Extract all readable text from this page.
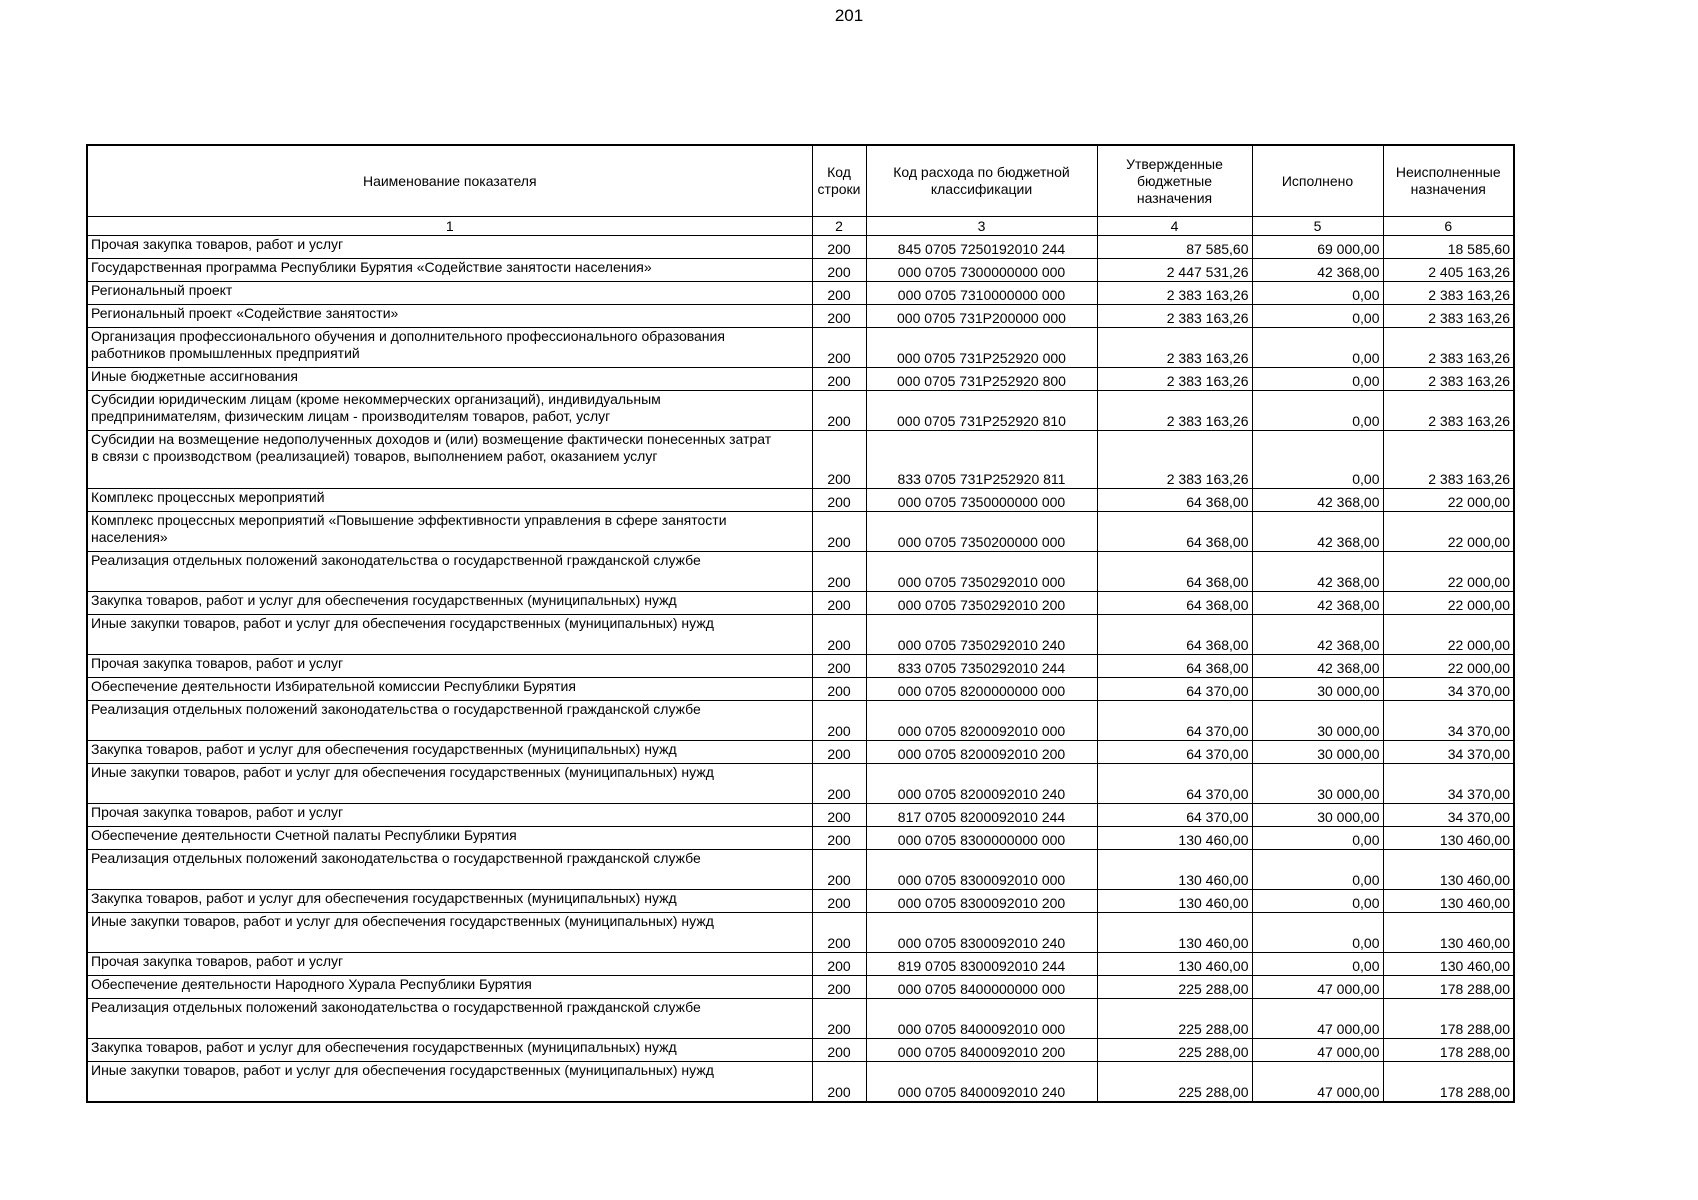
201
Наименование показателя	Код строки	Код расхода по бюджетной классификации	Утвержденные бюджетные назначения	Исполнено	Неисполненные назначения
1	2	3	4	5	6
Прочая закупка товаров, работ и услуг	200	845 0705 7250192010 244	87 585,60	69 000,00	18 585,60
Государственная программа Республики Бурятия «Содействие занятости населения»	200	000 0705 7300000000 000	2 447 531,26	42 368,00	2 405 163,26
Региональный проект	200	000 0705 7310000000 000	2 383 163,26	0,00	2 383 163,26
Региональный проект «Содействие занятости»	200	000 0705 731P200000 000	2 383 163,26	0,00	2 383 163,26
Организация профессионального обучения и дополнительного профессионального образования
работников промышленных предприятий	200	000 0705 731P252920 000	2 383 163,26	0,00	2 383 163,26
Иные бюджетные ассигнования	200	000 0705 731P252920 800	2 383 163,26	0,00	2 383 163,26
Субсидии юридическим лицам (кроме некоммерческих организаций), индивидуальным
предпринимателям, физическим лицам - производителям товаров, работ, услуг	200	000 0705 731P252920 810	2 383 163,26	0,00	2 383 163,26
Субсидии на возмещение недополученных доходов и (или) возмещение фактически понесенных затрат
в связи с производством (реализацией) товаров, выполнением работ, оказанием услуг	200	833 0705 731P252920 811	2 383 163,26	0,00	2 383 163,26
Комплекс процессных мероприятий	200	000 0705 7350000000 000	64 368,00	42 368,00	22 000,00
Комплекс процессных мероприятий «Повышение эффективности управления в сфере занятости
населения»	200	000 0705 7350200000 000	64 368,00	42 368,00	22 000,00
Реализация отдельных положений законодательства о государственной гражданской службе	200	000 0705 7350292010 000	64 368,00	42 368,00	22 000,00
Закупка товаров, работ и услуг для обеспечения государственных (муниципальных) нужд	200	000 0705 7350292010 200	64 368,00	42 368,00	22 000,00
Иные закупки товаров, работ и услуг для обеспечения государственных (муниципальных) нужд	200	000 0705 7350292010 240	64 368,00	42 368,00	22 000,00
Прочая закупка товаров, работ и услуг	200	833 0705 7350292010 244	64 368,00	42 368,00	22 000,00
Обеспечение деятельности Избирательной комиссии Республики Бурятия	200	000 0705 8200000000 000	64 370,00	30 000,00	34 370,00
Реализация отдельных положений законодательства о государственной гражданской службе	200	000 0705 8200092010 000	64 370,00	30 000,00	34 370,00
Закупка товаров, работ и услуг для обеспечения государственных (муниципальных) нужд	200	000 0705 8200092010 200	64 370,00	30 000,00	34 370,00
Иные закупки товаров, работ и услуг для обеспечения государственных (муниципальных) нужд	200	000 0705 8200092010 240	64 370,00	30 000,00	34 370,00
Прочая закупка товаров, работ и услуг	200	817 0705 8200092010 244	64 370,00	30 000,00	34 370,00
Обеспечение деятельности Счетной палаты Республики Бурятия	200	000 0705 8300000000 000	130 460,00	0,00	130 460,00
Реализация отдельных положений законодательства о государственной гражданской службе	200	000 0705 8300092010 000	130 460,00	0,00	130 460,00
Закупка товаров, работ и услуг для обеспечения государственных (муниципальных) нужд	200	000 0705 8300092010 200	130 460,00	0,00	130 460,00
Иные закупки товаров, работ и услуг для обеспечения государственных (муниципальных) нужд	200	000 0705 8300092010 240	130 460,00	0,00	130 460,00
Прочая закупка товаров, работ и услуг	200	819 0705 8300092010 244	130 460,00	0,00	130 460,00
Обеспечение деятельности Народного Хурала Республики Бурятия	200	000 0705 8400000000 000	225 288,00	47 000,00	178 288,00
Реализация отдельных положений законодательства о государственной гражданской службе	200	000 0705 8400092010 000	225 288,00	47 000,00	178 288,00
Закупка товаров, работ и услуг для обеспечения государственных (муниципальных) нужд	200	000 0705 8400092010 200	225 288,00	47 000,00	178 288,00
Иные закупки товаров, работ и услуг для обеспечения государственных (муниципальных) нужд	200	000 0705 8400092010 240	225 288,00	47 000,00	178 288,00
